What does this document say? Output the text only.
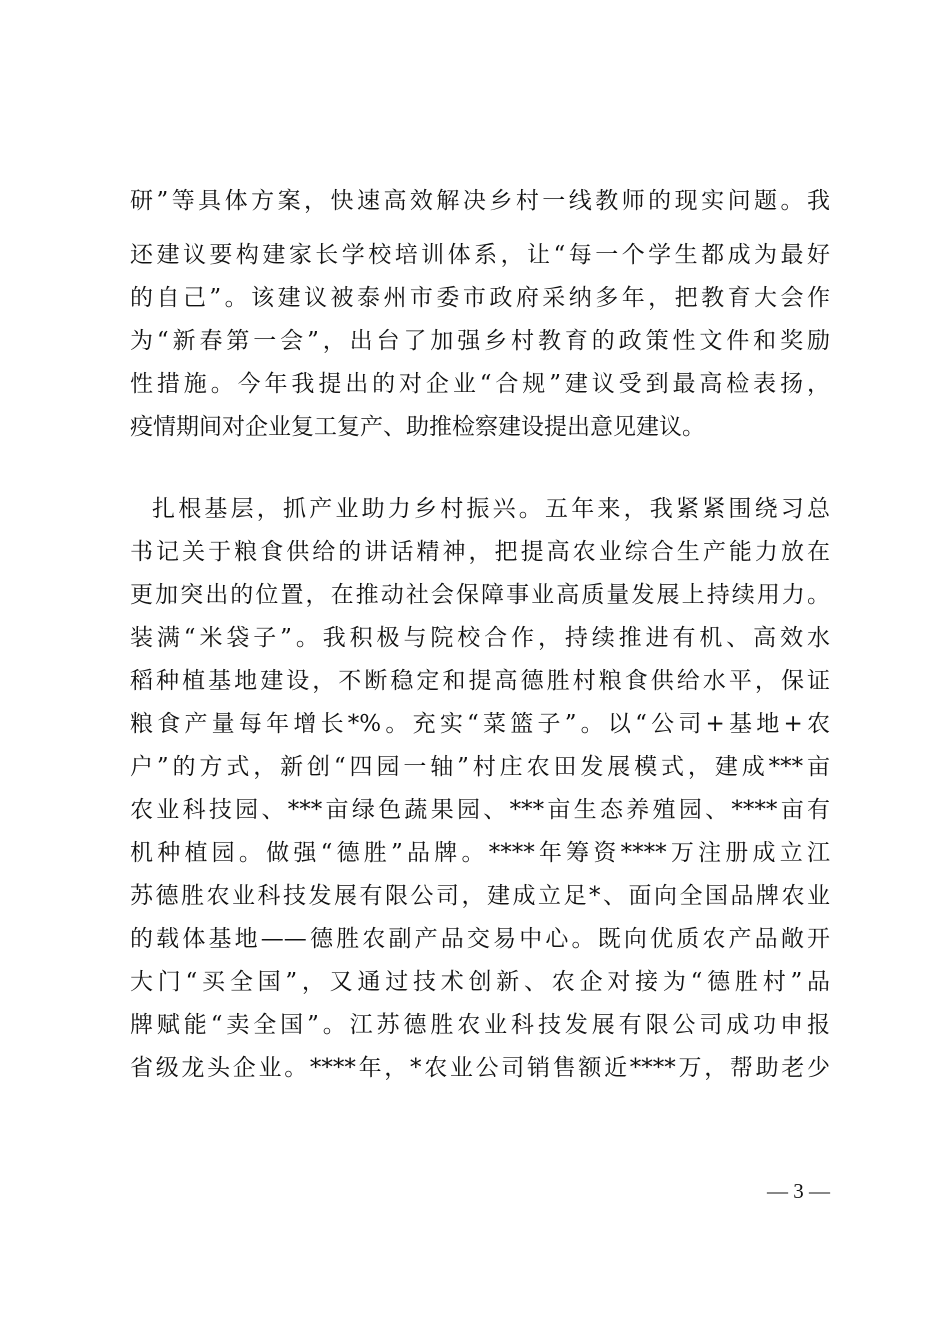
研”等具体方案，快速高效解决乡村一线教师的现实问题。我
还建议要构建家长学校培训体系，让“每一个学生都成为最好
的自己”。该建议被泰州市委市政府采纳多年，把教育大会作
为“新春第一会”，出台了加强乡村教育的政策性文件和奖励
性措施。今年我提出的对企业“合规”建议受到最高检表扬，
疫情期间对企业复工复产、助推检察建设提出意见建议。
扎根基层，抓产业助力乡村振兴。五年来，我紧紧围绕习总
书记关于粮食供给的讲话精神，把提高农业综合生产能力放在
更加突出的位置，在推动社会保障事业高质量发展上持续用力。
装满“米袋子”。我积极与院校合作，持续推进有机、高效水
稻种植基地建设，不断稳定和提高德胜村粮食供给水平，保证
粮食产量每年增长*%。充实“菜篮子”。以“公司+基地+农
户”的方式，新创“四园一轴”村庄农田发展模式，建成***亩
农业科技园、***亩绿色蔬果园、***亩生态养殖园、****亩有
机种植园。做强“德胜”品牌。****年筹资****万注册成立江
苏德胜农业科技发展有限公司，建成立足*、面向全国品牌农业
的载体基地——德胜农副产品交易中心。既向优质农产品敞开
大门“买全国”，又通过技术创新、农企对接为“德胜村”品
牌赋能“卖全国”。江苏德胜农业科技发展有限公司成功申报
省级龙头企业。****年，*农业公司销售额近****万，帮助老少
— 3 —
